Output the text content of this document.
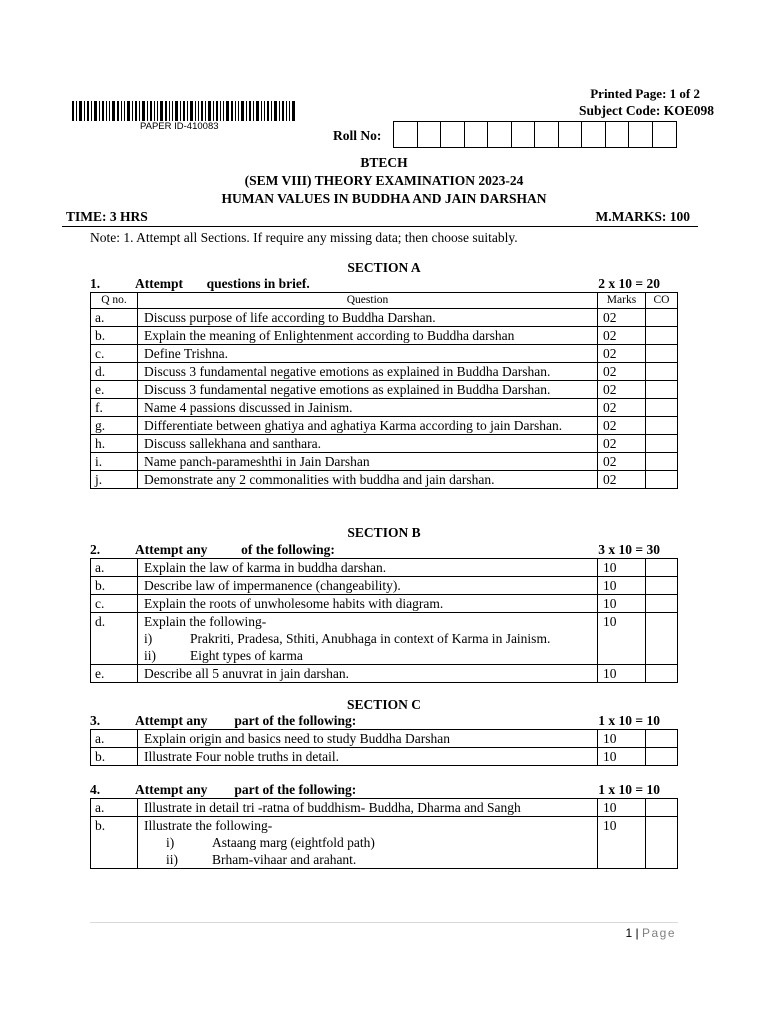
PAPER ID-410083
Printed Page: 1 of 2
Subject Code: KOE098
Roll No:
BTECH
(SEM VIII) THEORY EXAMINATION 2023-24
HUMAN VALUES IN BUDDHA AND JAIN DARSHAN
TIME: 3 HRS	M.MARKS: 100
Note: 1. Attempt all Sections. If require any missing data; then choose suitably.
SECTION A
1.	Attempt       questions in brief.	2 x 10 = 20
Q no.	Question	Marks	CO
a.	Discuss purpose of life according to Buddha Darshan.	02	
b.	Explain the meaning of Enlightenment according to Buddha darshan	02	
c.	Define Trishna.	02	
d.	Discuss 3 fundamental negative emotions as explained in Buddha Darshan.	02	
e.	Discuss 3 fundamental negative emotions as explained in Buddha Darshan.	02	
f.	Name 4 passions discussed in Jainism.	02	
g.	Differentiate between ghatiya and aghatiya Karma according to jain Darshan.	02	
h.	Discuss sallekhana and santhara.	02	
i.	Name panch-parameshthi in Jain Darshan	02	
j.	Demonstrate any 2 commonalities with buddha and jain darshan.	02	
SECTION B
2.	Attempt any          of the following:	3 x 10 = 30
a.	Explain the law of karma in buddha darshan.	10	
b.	Describe law of impermanence (changeability).	10	
c.	Explain the roots of unwholesome habits with diagram.	10	
d.	Explain the following-
i) Prakriti, Pradesa, Sthiti, Anubhaga in context of Karma in Jainism.
ii) Eight types of karma	10	
e.	Describe all 5 anuvrat in jain darshan.	10	
SECTION C
3.	Attempt any        part of the following:	1 x 10 = 10
a.	Explain origin and basics need to study Buddha Darshan	10	
b.	Illustrate Four noble truths in detail.	10	
4.	Attempt any        part of the following:	1 x 10 = 10
a.	Illustrate in detail tri -ratna of buddhism- Buddha, Dharma and Sangh	10	
b.	Illustrate the following-
i) Astaang marg (eightfold path)
ii) Brham-vihaar and arahant.	10	
1 | Page
